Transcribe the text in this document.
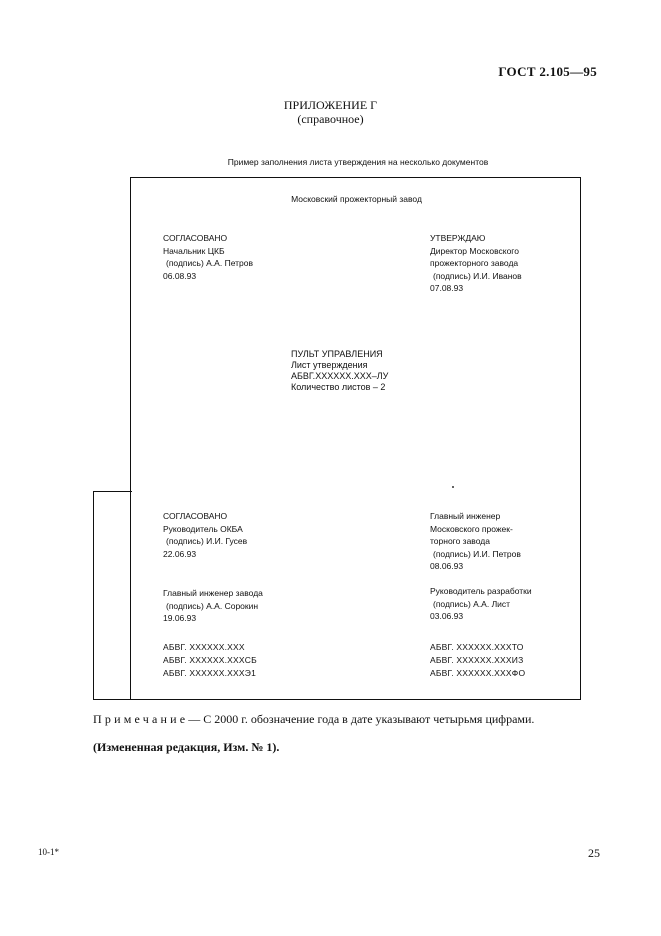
ГОСТ 2.105—95
ПРИЛОЖЕНИЕ Г
(справочное)
Пример заполнения листа утверждения на несколько документов
Московский прожекторный завод
СОГЛАСОВАНО
Начальник ЦКБ
(подпись) А.А. Петров
06.08.93
УТВЕРЖДАЮ
Директор Московского
прожекторного завода
(подпись) И.И. Иванов
07.08.93
ПУЛЬТ УПРАВЛЕНИЯ
Лист утверждения
АБВГ.XXXXXX.XXX–ЛУ
Количество листов – 2
СОГЛАСОВАНО
Руководитель ОКБА
(подпись) И.И. Гусев
22.06.93
Главный инженер завода
(подпись) А.А. Сорокин
19.06.93
АБВГ. XXXXXX.XXX
АБВГ. XXXXXX.XXXСБ
АБВГ. XXXXXX.XXXЭ1
Главный инженер
Московского прожек-
торного завода
(подпись) И.И. Петров
08.06.93
Руководитель разработки
(подпись) А.А. Лист
03.06.93
АБВГ. XXXXXX.XXXТО
АБВГ. XXXXXX.XXXИЗ
АБВГ. XXXXXX.XXXФО
Примечание— С 2000 г. обозначение года в дате указывают четырьмя цифрами.
(Измененная редакция, Изм. № 1).
10-1*	25
